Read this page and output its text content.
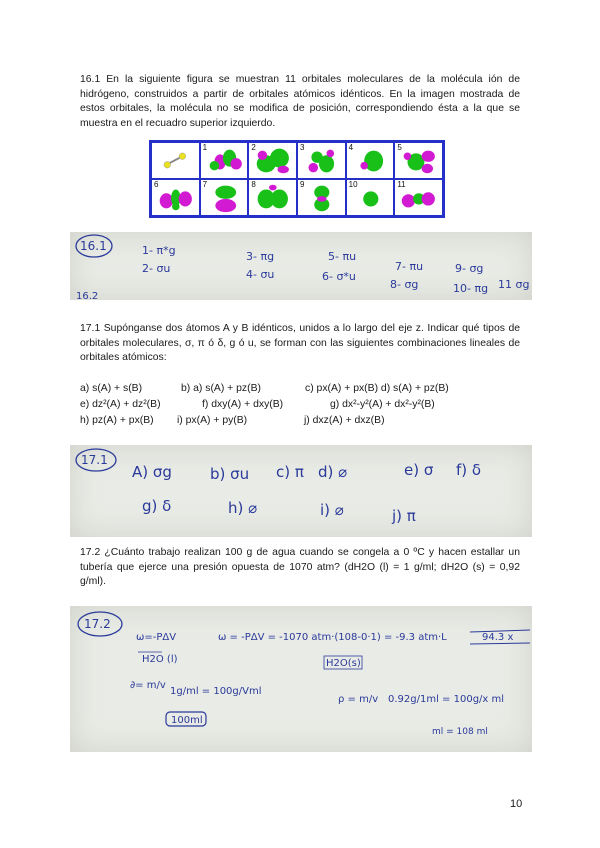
16.1 En la siguiente figura se muestran 11 orbitales moleculares de la molécula ión de hidrógeno, construidos a partir de orbitales atómicos idénticos. En la imagen mostrada de estos orbitales, la molécula no se modifica de posición, correspondiendo ésta a la que se muestra en el recuadro superior izquierdo.

1	2	3	4	5
6	7	8	9	10	11
16.1	1- π*g
2- σu
3- πg
4- σu
5- πu
6- σ*u
7- πu
8- σg
9- σg
10- πg 11 σg
16.2

17.1 Supónganse dos átomos A y B idénticos, unidos a lo largo del eje z. Indicar qué tipos de orbitales moleculares, σ, π ó δ, g ó u, se forman con las siguientes combinaciones lineales de orbitales atómicos:

a) s(A) + s(B)	b) a) s(A) + pz(B)	c) px(A) + px(B) d) s(A) + pz(B)
e) dz²(A) + dz²(B)	f) dxy(A) + dxy(B)	g) dx²-y²(A) + dx²-y²(B)
h) pz(A) + px(B) i) px(A) + py(B)	j) dxz(A) + dxz(B)
17.1
A) σg	b) σu c) π d) ⌀	e) σ f) δ
g) δ	h) ⌀	i) ⌀	j) π

17.2 ¿Cuánto trabajo realizan 100 g de agua cuando se congela a 0 ºC y hacen estallar un tubería que ejerce una presión opuesta de 1070 atm? (dH2O (l) = 1 g/ml; dH2O (s) = 0,92 g/ml).

17.2
ω=-PΔV	ω = -PΔV = -1070 atm·(108-0·1) = -9.3 atm·L	94.3 x
H2O (l)	H2O(s)
∂= m/v
1g/ml = 100g/Vml
ρ = m/v 0.92g/1ml = 100g/x ml
100ml
ml = 108 ml
10
